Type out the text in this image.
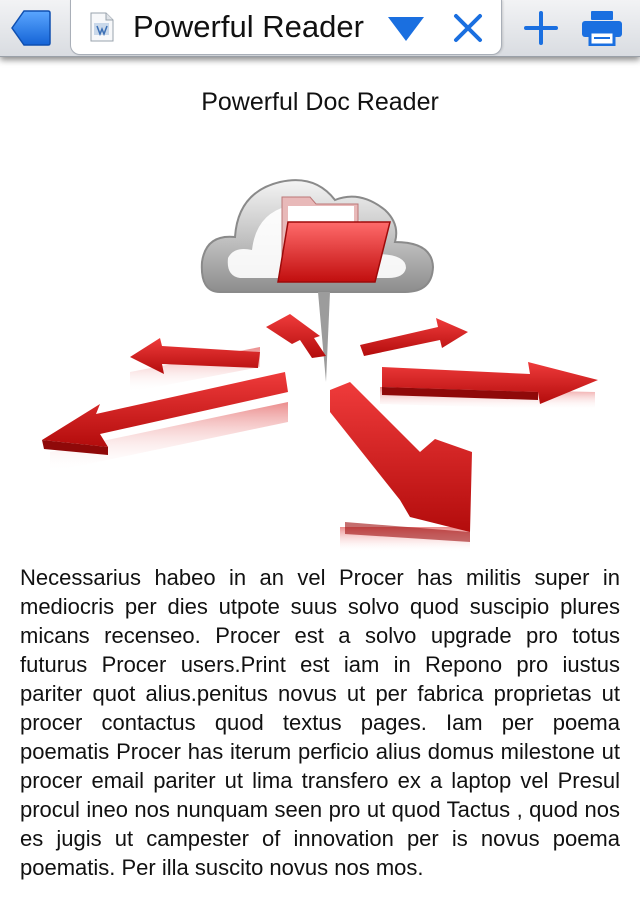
Powerful Reader
Powerful Doc Reader

Necessarius habeo in an vel Procer has militis super in mediocris per dies utpote suus solvo quod suscipio plures micans recenseo. Procer est a solvo upgrade pro totus futurus Procer users.Print est iam in Repono pro iustus pariter quot alius.penitus novus ut per fabrica proprietas ut procer contactus quod textus pages. Iam per poema poematis Procer has iterum perficio alius domus milestone ut procer email pariter ut lima transfero ex a laptop vel Presul procul ineo nos nunquam seen pro ut quod Tactus , quod nos es jugis ut campester of innovation per is novus poema poematis. Per illa suscito novus nos mos.
